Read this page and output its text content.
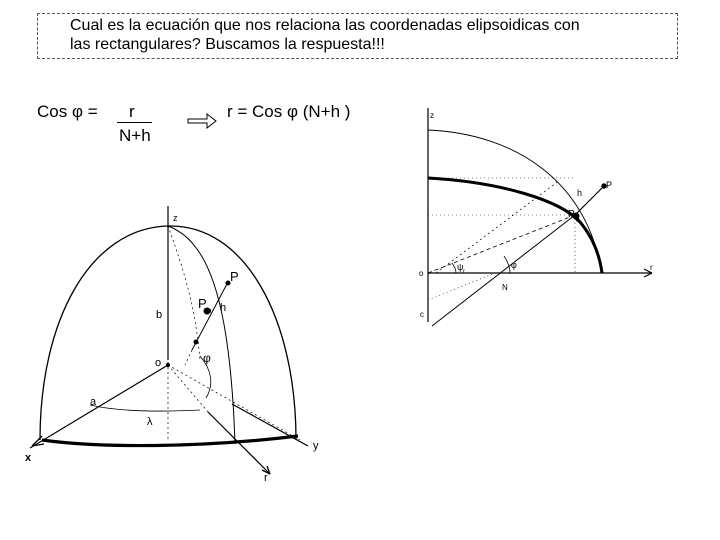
Cual es la ecuación que nos relaciona las coordenadas elipsoidicas con
las rectangulares? Buscamos la respuesta!!!
Cos φ = r
N+h
r = Cos φ (N+h )
z
P
P o h
b
o	φ
a
λ
x
y
r
z
h
P
P
o
ψ r
φ
o
c
N
r
